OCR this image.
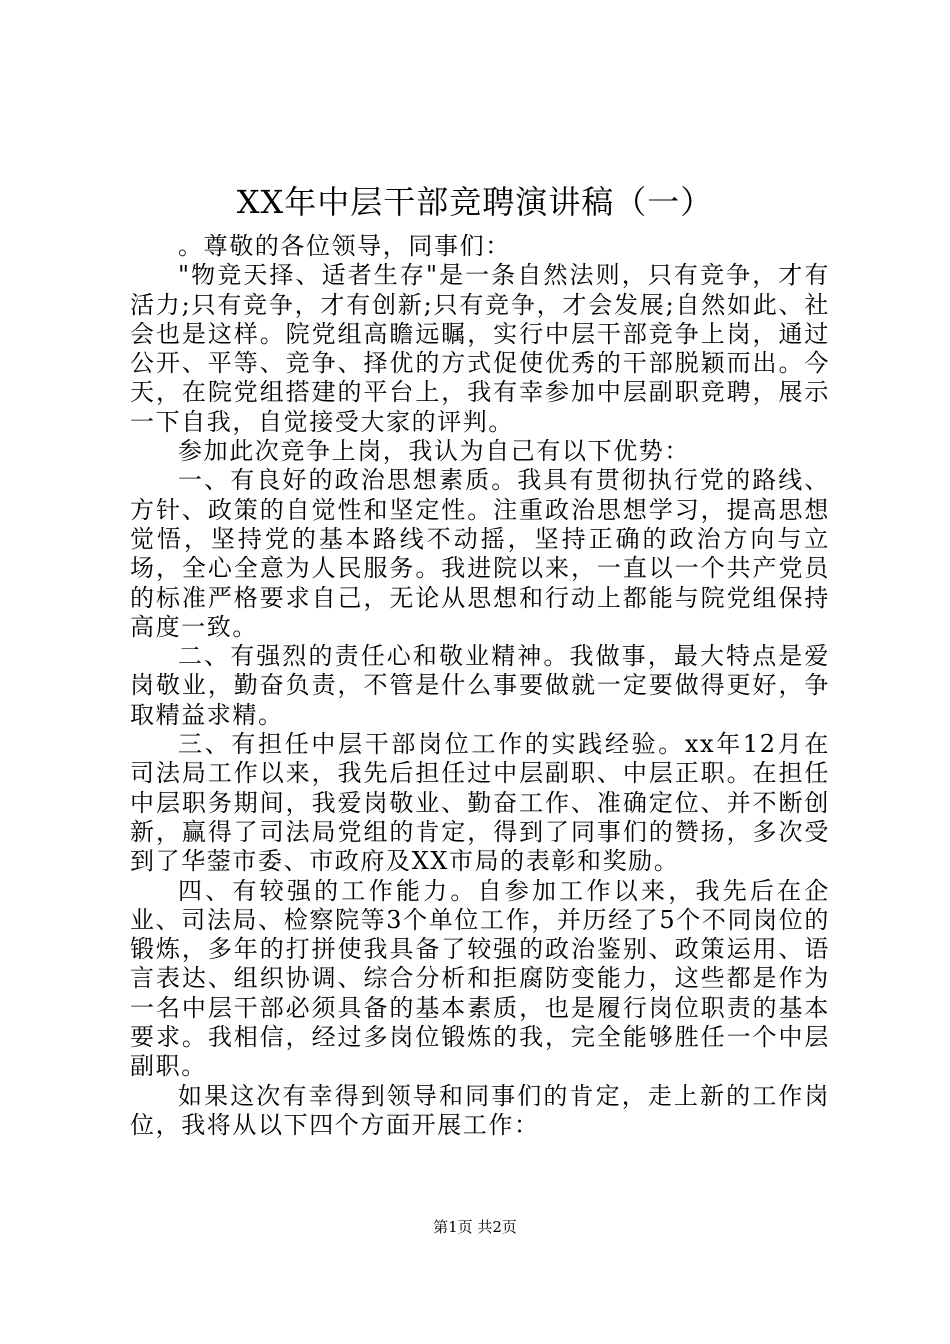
XX年中层干部竞聘演讲稿（一）

。尊敬的各位领导，同事们：

"物竞天择、适者生存"是一条自然法则，只有竞争，才有活力;只有竞争，才有创新;只有竞争，才会发展;自然如此、社会也是这样。院党组高瞻远瞩，实行中层干部竞争上岗，通过公开、平等、竞争、择优的方式促使优秀的干部脱颖而出。今天，在院党组搭建的平台上，我有幸参加中层副职竞聘，展示一下自我，自觉接受大家的评判。

参加此次竞争上岗，我认为自己有以下优势：

一、有良好的政治思想素质。我具有贯彻执行党的路线、方针、政策的自觉性和坚定性。注重政治思想学习，提高思想觉悟，坚持党的基本路线不动摇，坚持正确的政治方向与立场，全心全意为人民服务。我进院以来，一直以一个共产党员的标准严格要求自己，无论从思想和行动上都能与院党组保持高度一致。

二、有强烈的责任心和敬业精神。我做事，最大特点是爱岗敬业，勤奋负责，不管是什么事要做就一定要做得更好，争取精益求精。

三、有担任中层干部岗位工作的实践经验。xx年12月在司法局工作以来，我先后担任过中层副职、中层正职。在担任中层职务期间，我爱岗敬业、勤奋工作、准确定位、并不断创新，赢得了司法局党组的肯定，得到了同事们的赞扬，多次受到了华蓥市委、市政府及XX市局的表彰和奖励。

四、有较强的工作能力。自参加工作以来，我先后在企业、司法局、检察院等3个单位工作，并历经了5个不同岗位的锻炼，多年的打拼使我具备了较强的政治鉴别、政策运用、语言表达、组织协调、综合分析和拒腐防变能力，这些都是作为一名中层干部必须具备的基本素质，也是履行岗位职责的基本要求。我相信，经过多岗位锻炼的我，完全能够胜任一个中层副职。

如果这次有幸得到领导和同事们的肯定，走上新的工作岗位，我将从以下四个方面开展工作：

第1页 共2页
